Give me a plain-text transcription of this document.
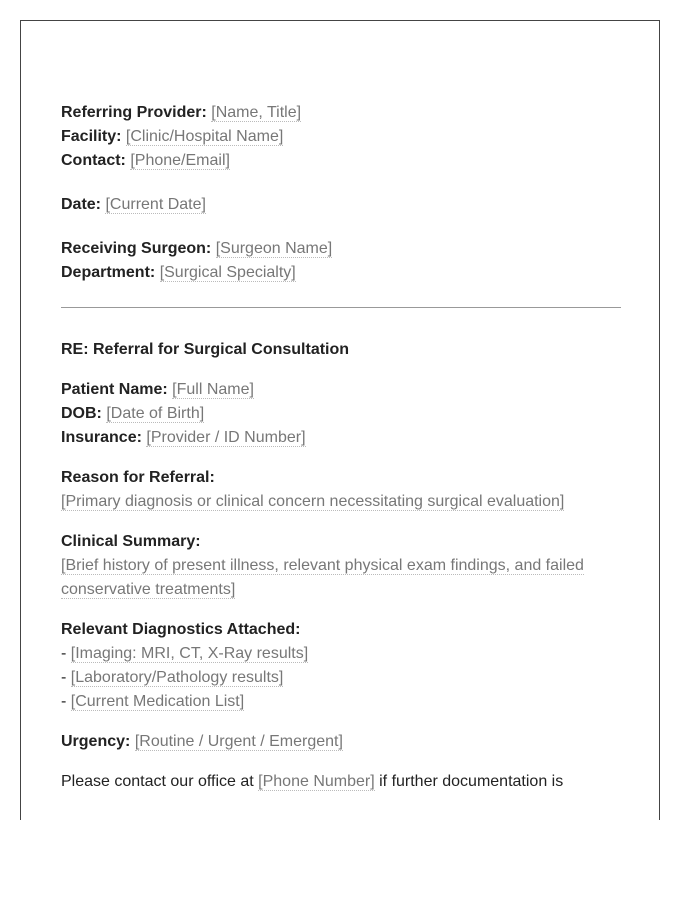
Referring Provider: [Name, Title]
Facility: [Clinic/Hospital Name]
Contact: [Phone/Email]
Date: [Current Date]
Receiving Surgeon: [Surgeon Name]
Department: [Surgical Specialty]
RE: Referral for Surgical Consultation
Patient Name: [Full Name]
DOB: [Date of Birth]
Insurance: [Provider / ID Number]
Reason for Referral:
[Primary diagnosis or clinical concern necessitating surgical evaluation]
Clinical Summary:
[Brief history of present illness, relevant physical exam findings, and failed conservative treatments]
Relevant Diagnostics Attached:
- [Imaging: MRI, CT, X-Ray results]
- [Laboratory/Pathology results]
- [Current Medication List]
Urgency: [Routine / Urgent / Emergent]
Please contact our office at [Phone Number] if further documentation is
